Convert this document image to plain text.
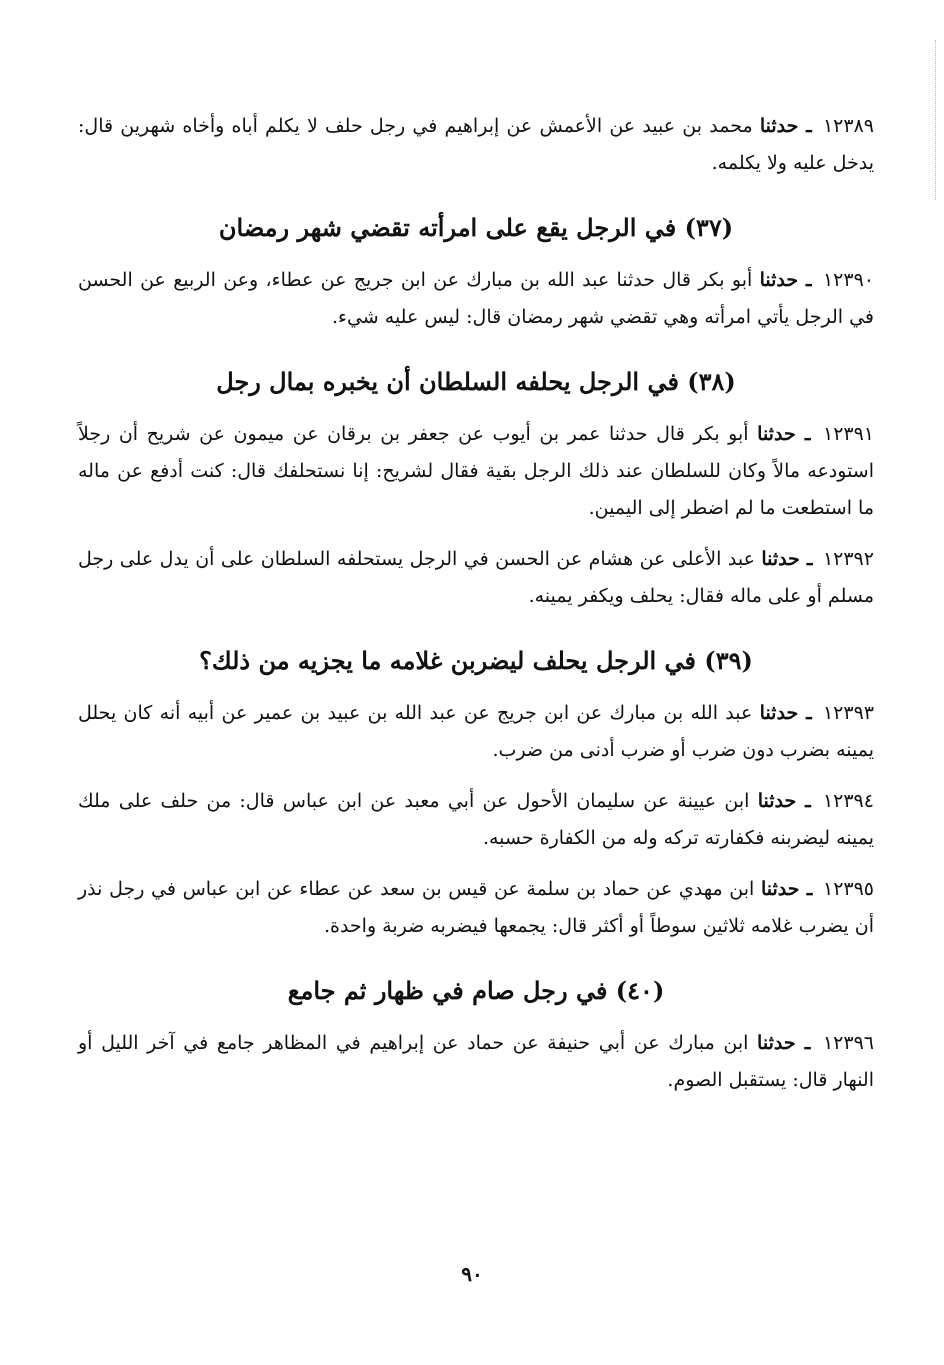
١٢٣٨٩ ـ حدثنا محمد بن عبيد عن الأعمش عن إبراهيم في رجل حلف لا يكلم أباه وأخاه شهرين قال: يدخل عليه ولا يكلمه.

(٣٧) في الرجل يقع على امرأته تقضي شهر رمضان

١٢٣٩٠ ـ حدثنا أبو بكر قال حدثنا عبد الله بن مبارك عن ابن جريج عن عطاء، وعن الربيع عن الحسن في الرجل يأتي امرأته وهي تقضي شهر رمضان قال: ليس عليه شيء.

(٣٨) في الرجل يحلفه السلطان أن يخبره بمال رجل

١٢٣٩١ ـ حدثنا أبو بكر قال حدثنا عمر بن أيوب عن جعفر بن برقان عن ميمون عن شريح أن رجلاً استودعه مالاً وكان للسلطان عند ذلك الرجل بقية فقال لشريح: إنا نستحلفك قال: كنت أدفع عن ماله ما استطعت ما لم اضطر إلى اليمين.

١٢٣٩٢ ـ حدثنا عبد الأعلى عن هشام عن الحسن في الرجل يستحلفه السلطان على أن يدل على رجل مسلم أو على ماله فقال: يحلف ويكفر يمينه.

(٣٩) في الرجل يحلف ليضربن غلامه ما يجزيه من ذلك؟

١٢٣٩٣ ـ حدثنا عبد الله بن مبارك عن ابن جريج عن عبد الله بن عبيد بن عمير عن أبيه أنه كان يحلل يمينه بضرب دون ضرب أو ضرب أدنى من ضرب.

١٢٣٩٤ ـ حدثنا ابن عيينة عن سليمان الأحول عن أبي معبد عن ابن عباس قال: من حلف على ملك يمينه ليضربنه فكفارته تركه وله من الكفارة حسبه.

١٢٣٩٥ ـ حدثنا ابن مهدي عن حماد بن سلمة عن قيس بن سعد عن عطاء عن ابن عباس في رجل نذر أن يضرب غلامه ثلاثين سوطاً أو أكثر قال: يجمعها فيضربه ضربة واحدة.

(٤٠) في رجل صام في ظهار ثم جامع

١٢٣٩٦ ـ حدثنا ابن مبارك عن أبي حنيفة عن حماد عن إبراهيم في المظاهر جامع في آخر الليل أو النهار قال: يستقبل الصوم.

٩٠
